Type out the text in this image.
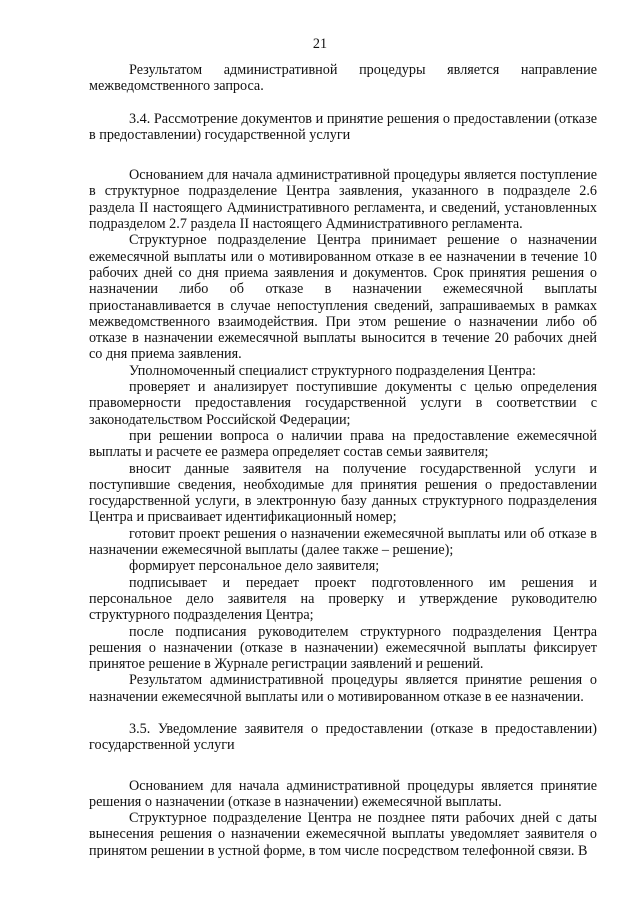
21

Результатом административной процедуры является направление межведомственного запроса.

3.4. Рассмотрение документов и принятие решения о предоставлении (отказе в предоставлении) государственной услуги

Основанием для начала административной процедуры является поступление в структурное подразделение Центра заявления, указанного в подразделе 2.6 раздела II настоящего Административного регламента, и сведений, установленных подразделом 2.7 раздела II настоящего Административного регламента.

Структурное подразделение Центра принимает решение о назначении ежемесячной выплаты или о мотивированном отказе в ее назначении в течение 10 рабочих дней со дня приема заявления и документов. Срок принятия решения о назначении либо об отказе в назначении ежемесячной выплаты приостанавливается в случае непоступления сведений, запрашиваемых в рамках межведомственного взаимодействия. При этом решение о назначении либо об отказе в назначении ежемесячной выплаты выносится в течение 20 рабочих дней со дня приема заявления.

Уполномоченный специалист структурного подразделения Центра:

проверяет и анализирует поступившие документы с целью определения правомерности предоставления государственной услуги в соответствии с законодательством Российской Федерации;

при решении вопроса о наличии права на предоставление ежемесячной выплаты и расчете ее размера определяет состав семьи заявителя;

вносит данные заявителя на получение государственной услуги и поступившие сведения, необходимые для принятия решения о предоставлении государственной услуги, в электронную базу данных структурного подразделения Центра и присваивает идентификационный номер;

готовит проект решения о назначении ежемесячной выплаты или об отказе в назначении ежемесячной выплаты (далее также – решение);

формирует персональное дело заявителя;

подписывает и передает проект подготовленного им решения и персональное дело заявителя на проверку и утверждение руководителю структурного подразделения Центра;

после подписания руководителем структурного подразделения Центра решения о назначении (отказе в назначении) ежемесячной выплаты фиксирует принятое решение в Журнале регистрации заявлений и решений.

Результатом административной процедуры является принятие решения о назначении ежемесячной выплаты или о мотивированном отказе в ее назначении.

3.5. Уведомление заявителя о предоставлении (отказе в предоставлении) государственной услуги

Основанием для начала административной процедуры является принятие решения о назначении (отказе в назначении) ежемесячной выплаты.

Структурное подразделение Центра не позднее пяти рабочих дней с даты вынесения решения о назначении ежемесячной выплаты уведомляет заявителя о принятом решении в устной форме, в том числе посредством телефонной связи. В
